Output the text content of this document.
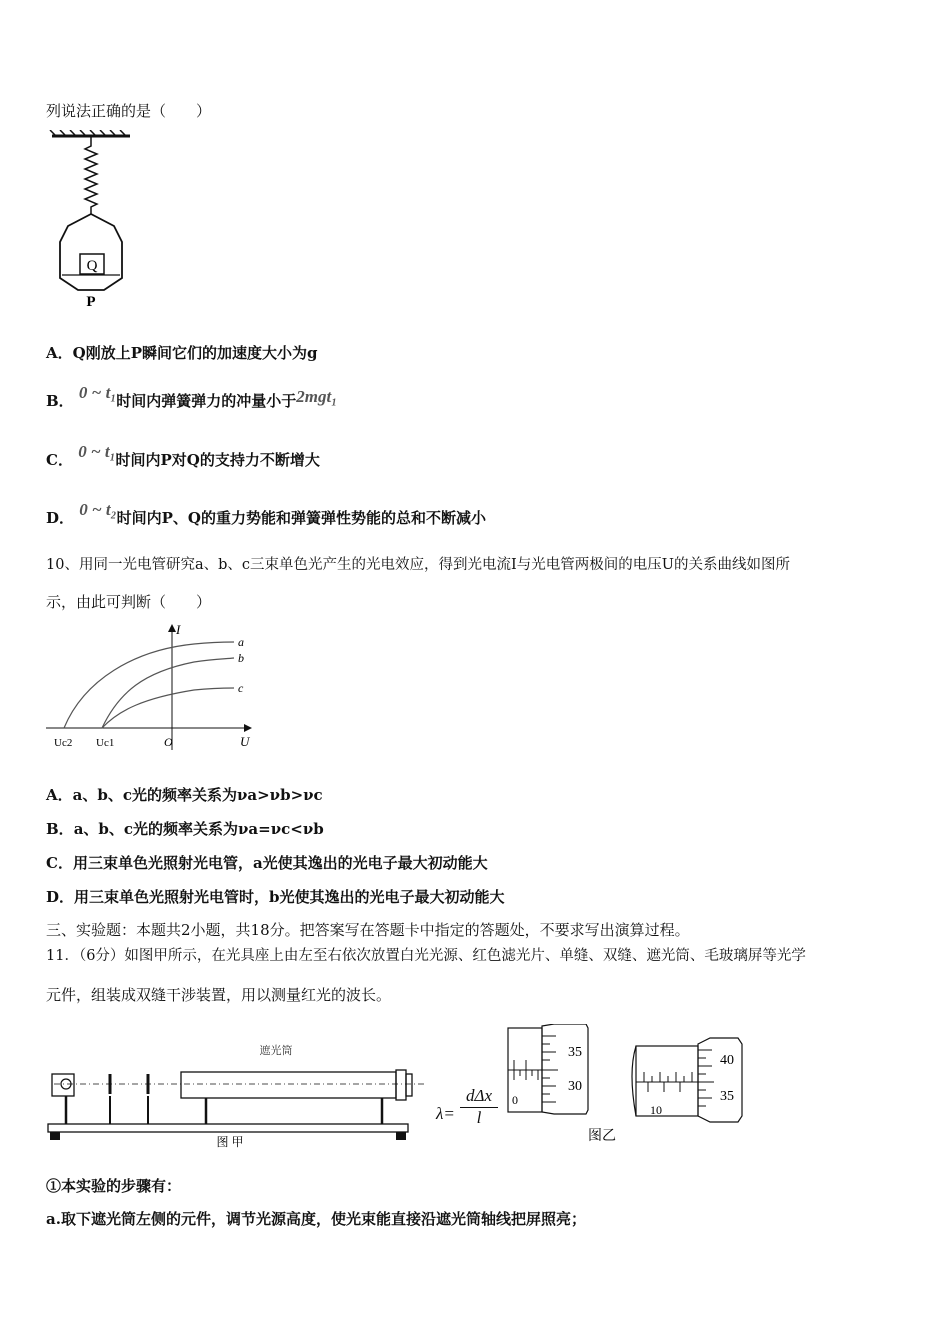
列说法正确的是（　　）
Q
P
A．Q刚放上P瞬间它们的加速度大小为g
B． 0 ~ t₁时间内弹簧弹力的冲量小于2mgt₁
C． 0 ~ t₁时间内P对Q的支持力不断增大
D． 0 ~ t₂时间内P、Q的重力势能和弹簧弹性势能的总和不断减小
10、用同一光电管研究a、b、c三束单色光产生的光电效应，得到光电流I与光电管两极间的电压U的关系曲线如图所
示，由此可判断（　　）
I
U
O
a
b
c
Uc2 Uc1
A．a、b、c光的频率关系为νa>νb>νc
B．a、b、c光的频率关系为νa=νc<νb
C．用三束单色光照射光电管，a光使其逸出的光电子最大初动能大
D．用三束单色光照射光电管时，b光使其逸出的光电子最大初动能大
三、实验题：本题共2小题，共18分。把答案写在答题卡中指定的答题处，不要求写出演算过程。
11．（6分）如图甲所示，在光具座上由左至右依次放置白光光源、红色滤光片、单缝、双缝、遮光筒、毛玻璃屏等光学
元件，组装成双缝干涉装置，用以测量红光的波长。
遮光筒
图 甲
λ=
dΔx
l
0
35
30
10
40
35
图乙
①本实验的步骤有：
a.取下遮光筒左侧的元件，调节光源高度，使光束能直接沿遮光筒轴线把屏照亮；
